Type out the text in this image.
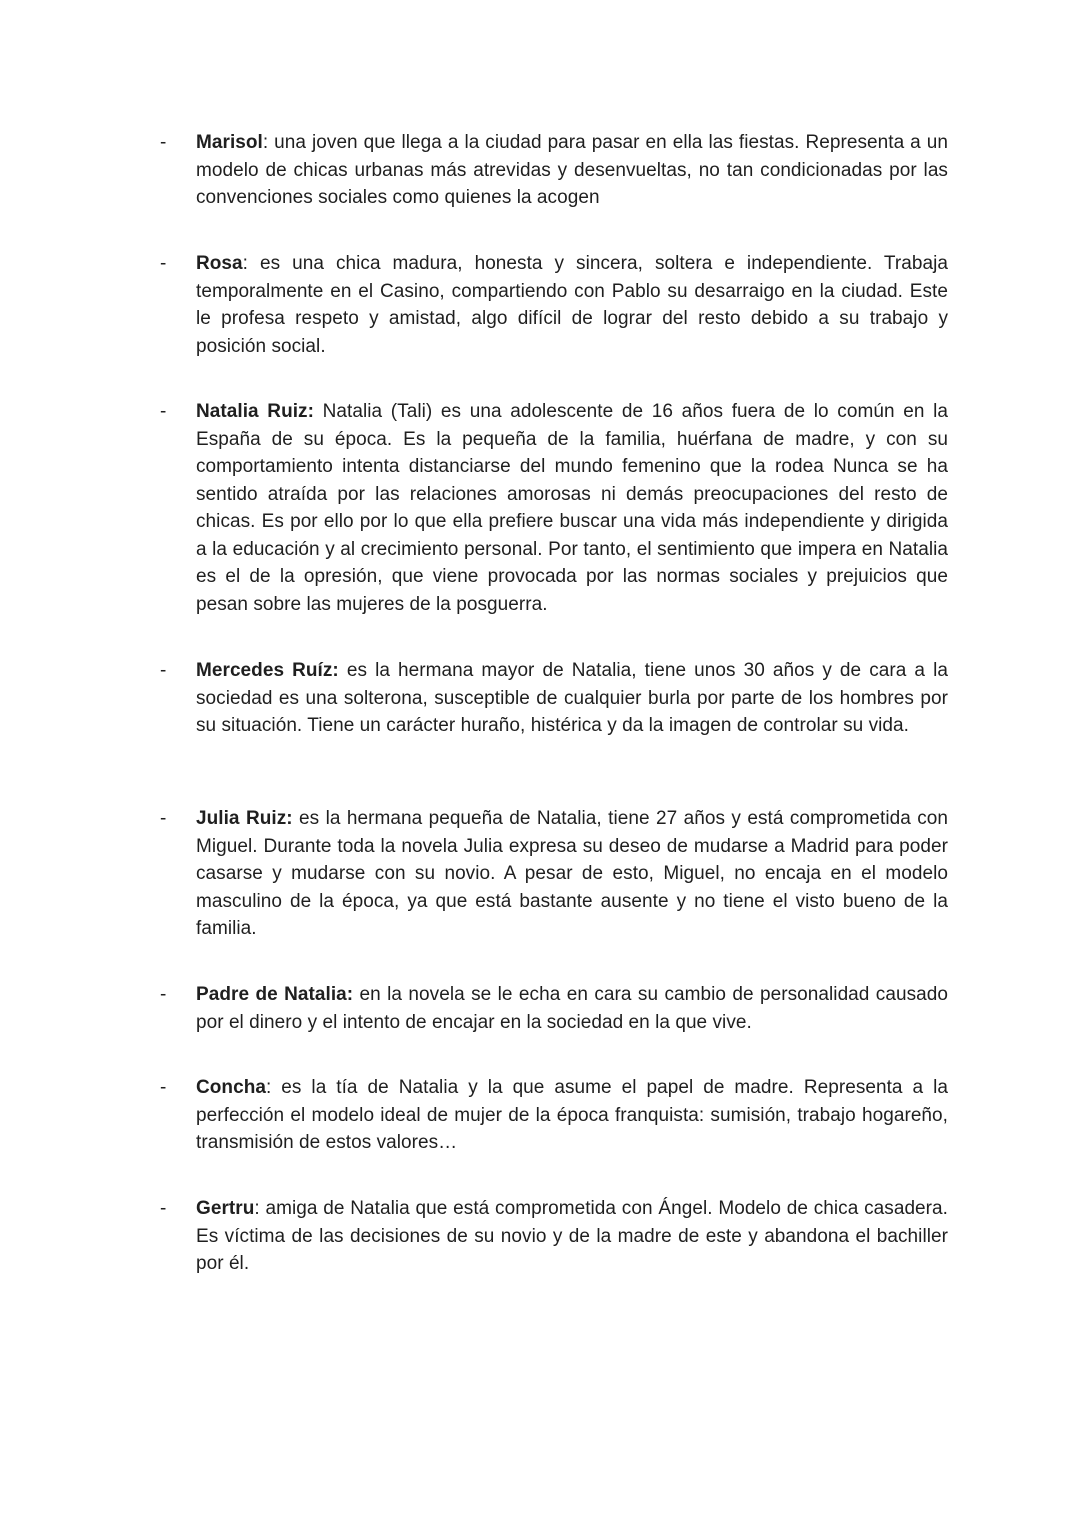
- Marisol: una joven que llega a la ciudad para pasar en ella las fiestas. Representa a un modelo de chicas urbanas más atrevidas y desenvueltas, no tan condicionadas por las convenciones sociales como quienes la acogen
- Rosa: es una chica madura, honesta y sincera, soltera e independiente. Trabaja temporalmente en el Casino, compartiendo con Pablo su desarraigo en la ciudad. Este le profesa respeto y amistad, algo difícil de lograr del resto debido a su trabajo y posición social.
- Natalia Ruiz: Natalia (Tali) es una adolescente de 16 años fuera de lo común en la España de su época. Es la pequeña de la familia, huérfana de madre, y con su comportamiento intenta distanciarse del mundo femenino que la rodea Nunca se ha sentido atraída por las relaciones amorosas ni demás preocupaciones del resto de chicas. Es por ello por lo que ella prefiere buscar una vida más independiente y dirigida a la educación y al crecimiento personal. Por tanto, el sentimiento que impera en Natalia es el de la opresión, que viene provocada por las normas sociales y prejuicios que pesan sobre las mujeres de la posguerra.
- Mercedes Ruíz: es la hermana mayor de Natalia, tiene unos 30 años y de cara a la sociedad es una solterona, susceptible de cualquier burla por parte de los hombres por su situación. Tiene un carácter huraño, histérica y da la imagen de controlar su vida.
- Julia Ruiz: es la hermana pequeña de Natalia, tiene 27 años y está comprometida con Miguel. Durante toda la novela Julia expresa su deseo de mudarse a Madrid para poder casarse y mudarse con su novio. A pesar de esto, Miguel, no encaja en el modelo masculino de la época, ya que está bastante ausente y no tiene el visto bueno de la familia.
- Padre de Natalia: en la novela se le echa en cara su cambio de personalidad causado por el dinero y el intento de encajar en la sociedad en la que vive.
- Concha: es la tía de Natalia y la que asume el papel de madre. Representa a la perfección el modelo ideal de mujer de la época franquista: sumisión, trabajo hogareño, transmisión de estos valores…
- Gertru: amiga de Natalia que está comprometida con Ángel. Modelo de chica casadera. Es víctima de las decisiones de su novio y de la madre de este y abandona el bachiller por él.
